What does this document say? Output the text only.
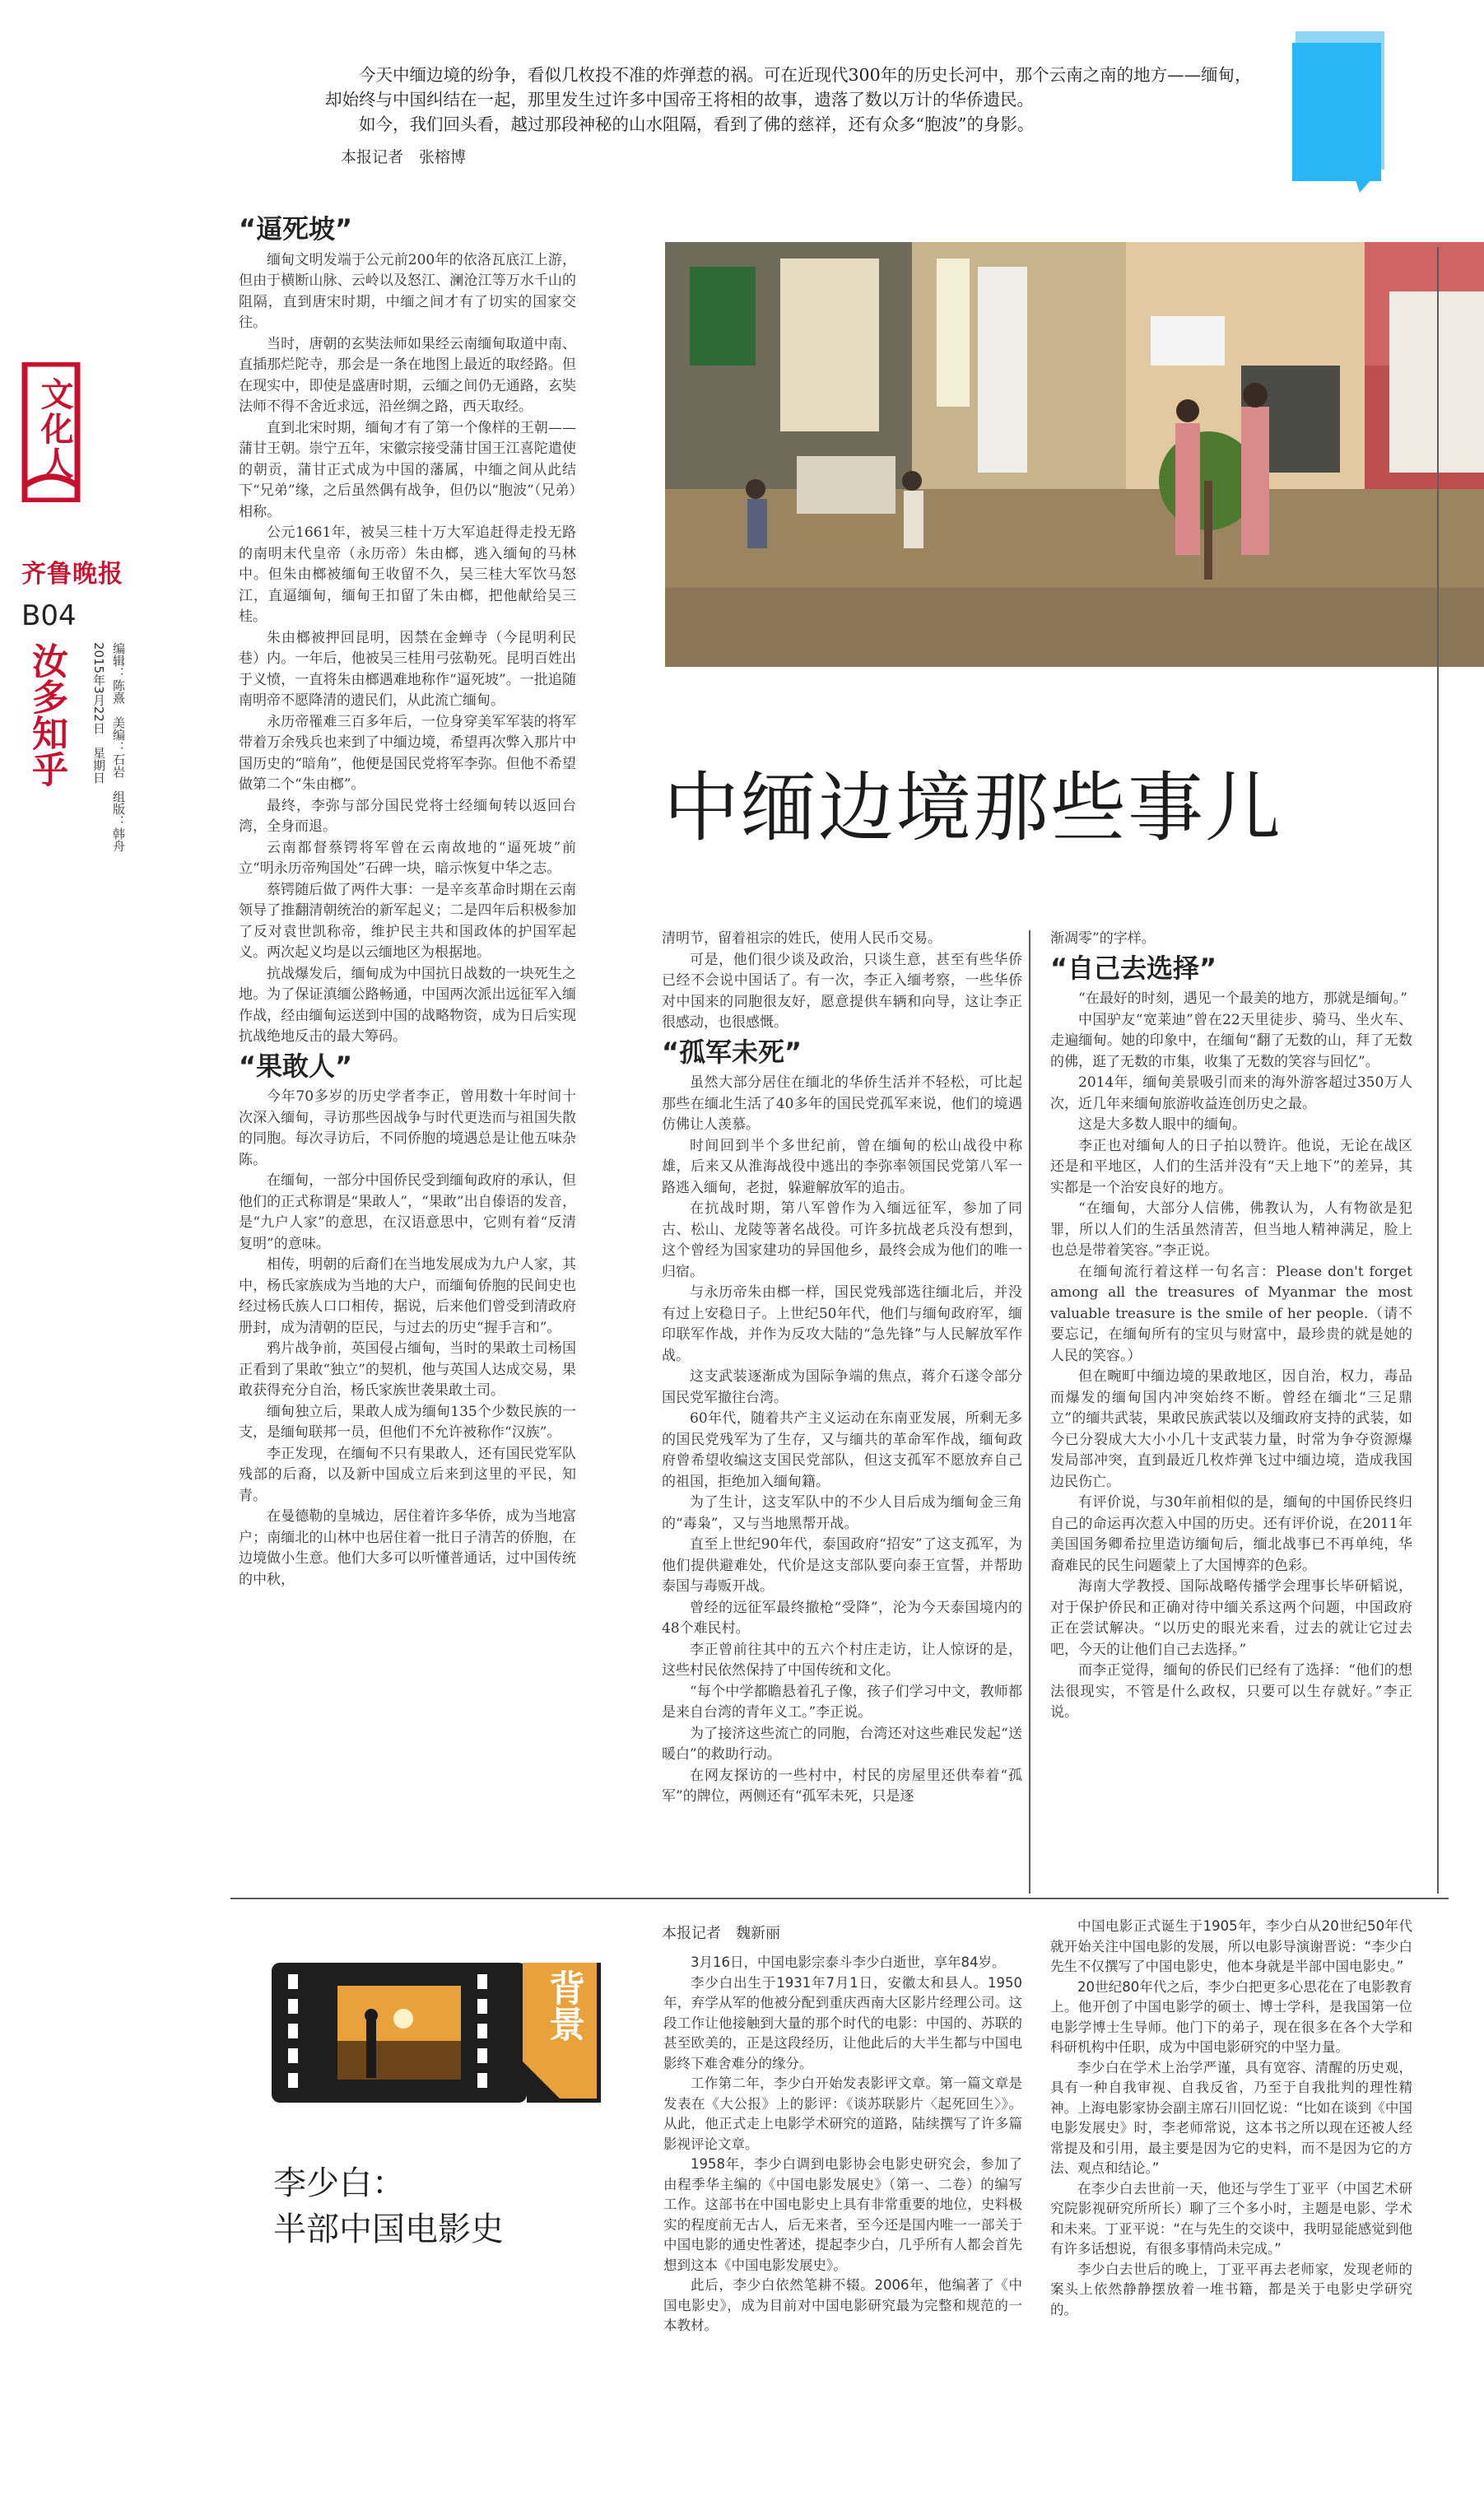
今天中缅边境的纷争，看似几枚投不准的炸弹惹的祸。可在近现代300年的历史长河中，那个云南之南的地方——缅甸，却始终与中国纠结在一起，那里发生过许多中国帝王将相的故事，遗落了数以万计的华侨遗民。

如今，我们回头看，越过那段神秘的山水阻隔，看到了佛的慈祥，还有众多“胞波”的身影。

本报记者　张榕博
文化人
齐鲁晚报
B04
汝多知乎 2015年3月22日　星期日 编辑：陈熹　美编：石岩　组版：韩舟
“逼死坡”

缅甸文明发端于公元前200年的依洛瓦底江上游，但由于横断山脉、云岭以及怒江、澜沧江等万水千山的阻隔，直到唐宋时期，中缅之间才有了切实的国家交往。

当时，唐朝的玄奘法师如果经云南缅甸取道中南、直插那烂陀寺，那会是一条在地图上最近的取经路。但在现实中，即使是盛唐时期，云缅之间仍无通路，玄奘法师不得不舍近求远，沿丝绸之路，西天取经。

直到北宋时期，缅甸才有了第一个像样的王朝——蒲甘王朝。崇宁五年，宋徽宗接受蒲甘国王江喜陀遣使的朝贡，蒲甘正式成为中国的藩属，中缅之间从此结下“兄弟”缘，之后虽然偶有战争，但仍以“胞波”（兄弟）相称。

公元1661年，被吴三桂十万大军追赶得走投无路的南明末代皇帝（永历帝）朱由榔，逃入缅甸的马林中。但朱由榔被缅甸王收留不久，吴三桂大军饮马怒江，直逼缅甸，缅甸王扣留了朱由榔，把他献给吴三桂。

朱由榔被押回昆明，因禁在金蝉寺（今昆明利民巷）内。一年后，他被吴三桂用弓弦勒死。昆明百姓出于义愤，一直将朱由榔遇难地称作“逼死坡”。一批追随南明帝不愿降清的遗民们，从此流亡缅甸。

永历帝罹难三百多年后，一位身穿美军军装的将军带着万余残兵也来到了中缅边境，希望再次弊入那片中国历史的“暗角”，他便是国民党将军李弥。但他不希望做第二个“朱由榔”。

最终，李弥与部分国民党将士经缅甸转以返回台湾，全身而退。

云南都督蔡锷将军曾在云南故地的“逼死坡”前立“明永历帝殉国处”石碑一块，暗示恢复中华之志。

蔡锷随后做了两件大事：一是辛亥革命时期在云南领导了推翻清朝统治的新军起义；二是四年后积极参加了反对袁世凯称帝，维护民主共和国政体的护国军起义。两次起义均是以云缅地区为根据地。

抗战爆发后，缅甸成为中国抗日战数的一块死生之地。为了保证滇缅公路畅通，中国两次派出远征军入缅作战，经由缅甸运送到中国的战略物资，成为日后实现抗战绝地反击的最大筹码。

“果敢人”

今年70多岁的历史学者李正，曾用数十年时间十次深入缅甸，寻访那些因战争与时代更迭而与祖国失散的同胞。每次寻访后，不同侨胞的境遇总是让他五味杂陈。

在缅甸，一部分中国侨民受到缅甸政府的承认，但他们的正式称谓是“果敢人”，“果敢”出自傣语的发音，是“九户人家”的意思，在汉语意思中，它则有着“反清复明”的意味。

相传，明朝的后裔们在当地发展成为九户人家，其中，杨氏家族成为当地的大户，而缅甸侨胞的民间史也经过杨氏族人口口相传，据说，后来他们曾受到清政府册封，成为清朝的臣民，与过去的历史“握手言和”。

鸦片战争前，英国侵占缅甸，当时的果敢土司杨国正看到了果敢“独立”的契机，他与英国人达成交易，果敢获得充分自治，杨氏家族世袭果敢土司。

缅甸独立后，果敢人成为缅甸135个少数民族的一支，是缅甸联邦一员，但他们不允许被称作“汉族”。

李正发现，在缅甸不只有果敢人，还有国民党军队残部的后裔，以及新中国成立后来到这里的平民，知青。

在曼德勒的皇城边，居住着许多华侨，成为当地富户；南缅北的山林中也居住着一批日子清苦的侨胞，在边境做小生意。他们大多可以听懂普通话，过中国传统的中秋，

中缅边境那些事儿

清明节，留着祖宗的姓氏，使用人民币交易。

可是，他们很少谈及政治，只谈生意，甚至有些华侨已经不会说中国话了。有一次，李正入缅考察，一些华侨对中国来的同胞很友好，愿意提供车辆和向导，这让李正很感动，也很感慨。

“孤军未死”

虽然大部分居住在缅北的华侨生活并不轻松，可比起那些在缅北生活了40多年的国民党孤军来说，他们的境遇仿佛让人羡慕。

时间回到半个多世纪前，曾在缅甸的松山战役中称雄，后来又从淮海战役中逃出的李弥率领国民党第八军一路逃入缅甸，老挝，躲避解放军的追击。

在抗战时期，第八军曾作为入缅远征军，参加了同古、松山、龙陵等著名战役。可许多抗战老兵没有想到，这个曾经为国家建功的异国他乡，最终会成为他们的唯一归宿。

与永历帝朱由榔一样，国民党残部选往缅北后，并没有过上安稳日子。上世纪50年代，他们与缅甸政府军，缅印联军作战，并作为反攻大陆的“急先锋”与人民解放军作战。

这支武装逐渐成为国际争端的焦点，蒋介石遂令部分国民党军撤往台湾。

60年代，随着共产主义运动在东南亚发展，所剩无多的国民党残军为了生存，又与缅共的革命军作战，缅甸政府曾希望收编这支国民党部队，但这支孤军不愿放弃自己的祖国，拒绝加入缅甸籍。

为了生计，这支军队中的不少人目后成为缅甸金三角的“毒枭”，又与当地黑帮开战。

直至上世纪90年代，泰国政府“招安”了这支孤军，为他们提供避难处，代价是这支部队要向泰王宣誓，并帮助泰国与毒贩开战。

曾经的远征军最终撤枪“受降”，沦为今天泰国境内的48个难民村。

李正曾前往其中的五六个村庄走访，让人惊讶的是，这些村民依然保持了中国传统和文化。

“每个中学都瞻悬着孔子像，孩子们学习中文，教师都是来自台湾的青年义工。”李正说。

为了接济这些流亡的同胞，台湾还对这些难民发起“送暖白”的救助行动。

在网友探访的一些村中，村民的房屋里还供奉着“孤军”的牌位，两侧还有“孤军未死，只是逐

渐凋零”的字样。

“自己去选择”

“在最好的时刻，遇见一个最美的地方，那就是缅甸。”

中国驴友“宽莱迪”曾在22天里徒步、骑马、坐火车、走遍缅甸。她的印象中，在缅甸“翻了无数的山，拜了无数的佛，逛了无数的市集，收集了无数的笑容与回忆”。

2014年，缅甸美景吸引而来的海外游客超过350万人次，近几年来缅甸旅游收益连创历史之最。

这是大多数人眼中的缅甸。

李正也对缅甸人的日子拍以赞许。他说，无论在战区还是和平地区，人们的生活并没有“天上地下”的差异，其实都是一个治安良好的地方。

“在缅甸，大部分人信佛，佛教认为，人有物欲是犯罪，所以人们的生活虽然清苦，但当地人精神满足，脸上也总是带着笑容。”李正说。

在缅甸流行着这样一句名言：Please don't forget among all the treasures of Myanmar the most valuable treasure is the smile of her people.（请不要忘记，在缅甸所有的宝贝与财富中，最珍贵的就是她的人民的笑容。）

但在畹町中缅边境的果敢地区，因自治，权力，毒品而爆发的缅甸国内冲突始终不断。曾经在缅北“三足鼎立”的缅共武装，果敢民族武装以及缅政府支持的武装，如今已分裂成大大小小几十支武装力量，时常为争夺资源爆发局部冲突，直到最近几枚炸弹飞过中缅边境，造成我国边民伤亡。

有评价说，与30年前相似的是，缅甸的中国侨民终归自己的命运再次惹入中国的历史。还有评价说，在2011年美国国务卿希拉里造访缅甸后，缅北战事已不再单纯，华裔难民的民生问题蒙上了大国博弈的色彩。

海南大学教授、国际战略传播学会理事长毕研韬说，对于保护侨民和正确对待中缅关系这两个问题，中国政府正在尝试解决。“以历史的眼光来看，过去的就让它过去吧，今天的让他们自己去选择。”

而李正觉得，缅甸的侨民们已经有了选择：“他们的想法很现实，不管是什么政权，只要可以生存就好。”李正说。

背景
李少白：
半部中国电影史
本报记者　魏新丽

3月16日，中国电影宗泰斗李少白逝世，享年84岁。

李少白出生于1931年7月1日，安徽太和县人。1950年，弃学从军的他被分配到重庆西南大区影片经理公司。这段工作让他接触到大量的那个时代的电影：中国的、苏联的甚至欧美的，正是这段经历，让他此后的大半生都与中国电影终下难舍难分的缘分。

工作第二年，李少白开始发表影评文章。第一篇文章是发表在《大公报》上的影评：《谈苏联影片〈起死回生〉》。从此，他正式走上电影学术研究的道路，陆续撰写了许多篇影视评论文章。

1958年，李少白调到电影协会电影史研究会，参加了由程季华主编的《中国电影发展史》（第一、二卷）的编写工作。这部书在中国电影史上具有非常重要的地位，史料极实的程度前无古人，后无来者，至今还是国内唯一一部关于中国电影的通史性著述，提起李少白，几乎所有人都会首先想到这本《中国电影发展史》。

此后，李少白依然笔耕不辍。2006年，他编著了《中国电影史》，成为目前对中国电影研究最为完整和规范的一本教材。

中国电影正式诞生于1905年，李少白从20世纪50年代就开始关注中国电影的发展，所以电影导演谢晋说：“李少白先生不仅撰写了中国电影史，他本身就是半部中国电影史。”

20世纪80年代之后，李少白把更多心思花在了电影教育上。他开创了中国电影学的硕士、博士学科，是我国第一位电影学博士生导师。他门下的弟子，现在很多在各个大学和科研机构中任职，成为中国电影研究的中坚力量。

李少白在学术上治学严谨，具有宽容、清醒的历史观，具有一种自我审视、自我反省，乃至于自我批判的理性精神。上海电影家协会副主席石川回忆说：“比如在谈到《中国电影发展史》时，李老师常说，这本书之所以现在还被人经常提及和引用，最主要是因为它的史料，而不是因为它的方法、观点和结论。”

在李少白去世前一天，他还与学生丁亚平（中国艺术研究院影视研究所所长）聊了三个多小时，主题是电影、学术和未来。丁亚平说：“在与先生的交谈中，我明显能感觉到他有许多话想说，有很多事情尚未完成。”

李少白去世后的晚上，丁亚平再去老师家，发现老师的案头上依然静静摆放着一堆书籍，都是关于电影史学研究的。
